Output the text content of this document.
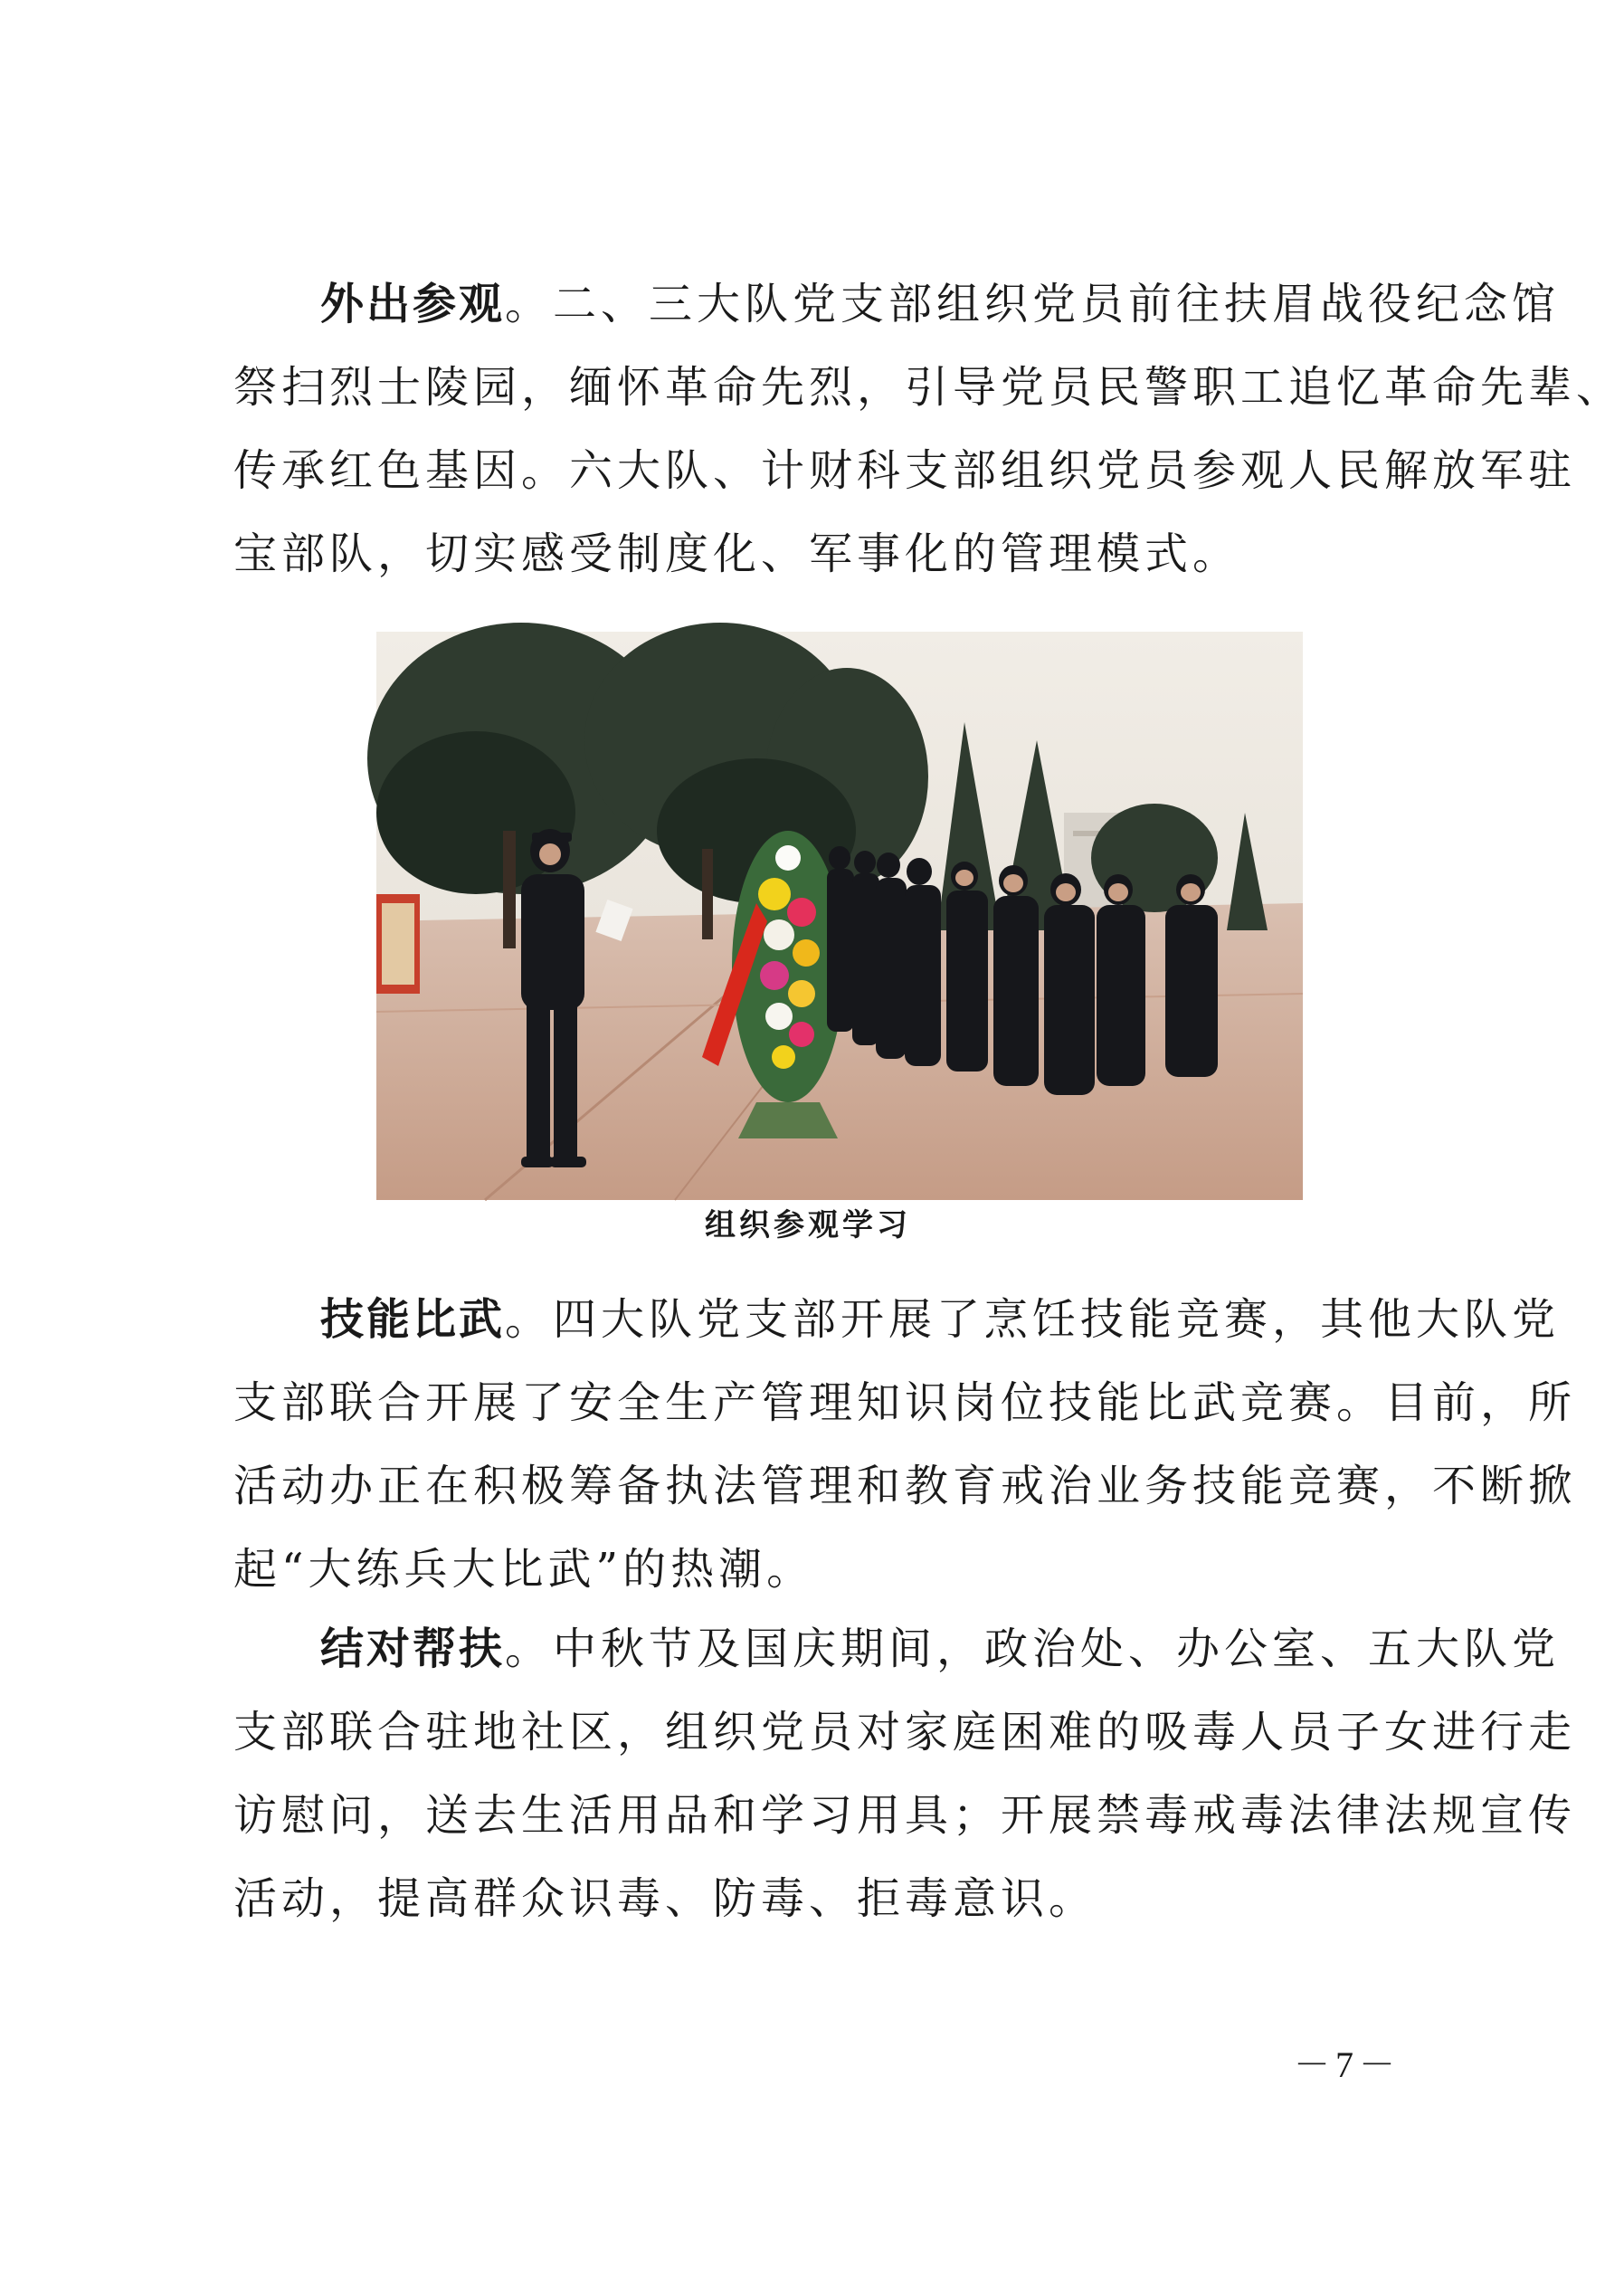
外出参观。二、三大队党支部组织党员前往扶眉战役纪念馆
祭扫烈士陵园，缅怀革命先烈，引导党员民警职工追忆革命先辈、
传承红色基因。六大队、计财科支部组织党员参观人民解放军驻
宝部队，切实感受制度化、军事化的管理模式。
组织参观学习
技能比武。四大队党支部开展了烹饪技能竞赛，其他大队党
支部联合开展了安全生产管理知识岗位技能比武竞赛。目前，所
活动办正在积极筹备执法管理和教育戒治业务技能竞赛，不断掀
起“大练兵大比武”的热潮。
结对帮扶。中秋节及国庆期间，政治处、办公室、五大队党
支部联合驻地社区，组织党员对家庭困难的吸毒人员子女进行走
访慰问，送去生活用品和学习用具；开展禁毒戒毒法律法规宣传
活动，提高群众识毒、防毒、拒毒意识。
－7－
